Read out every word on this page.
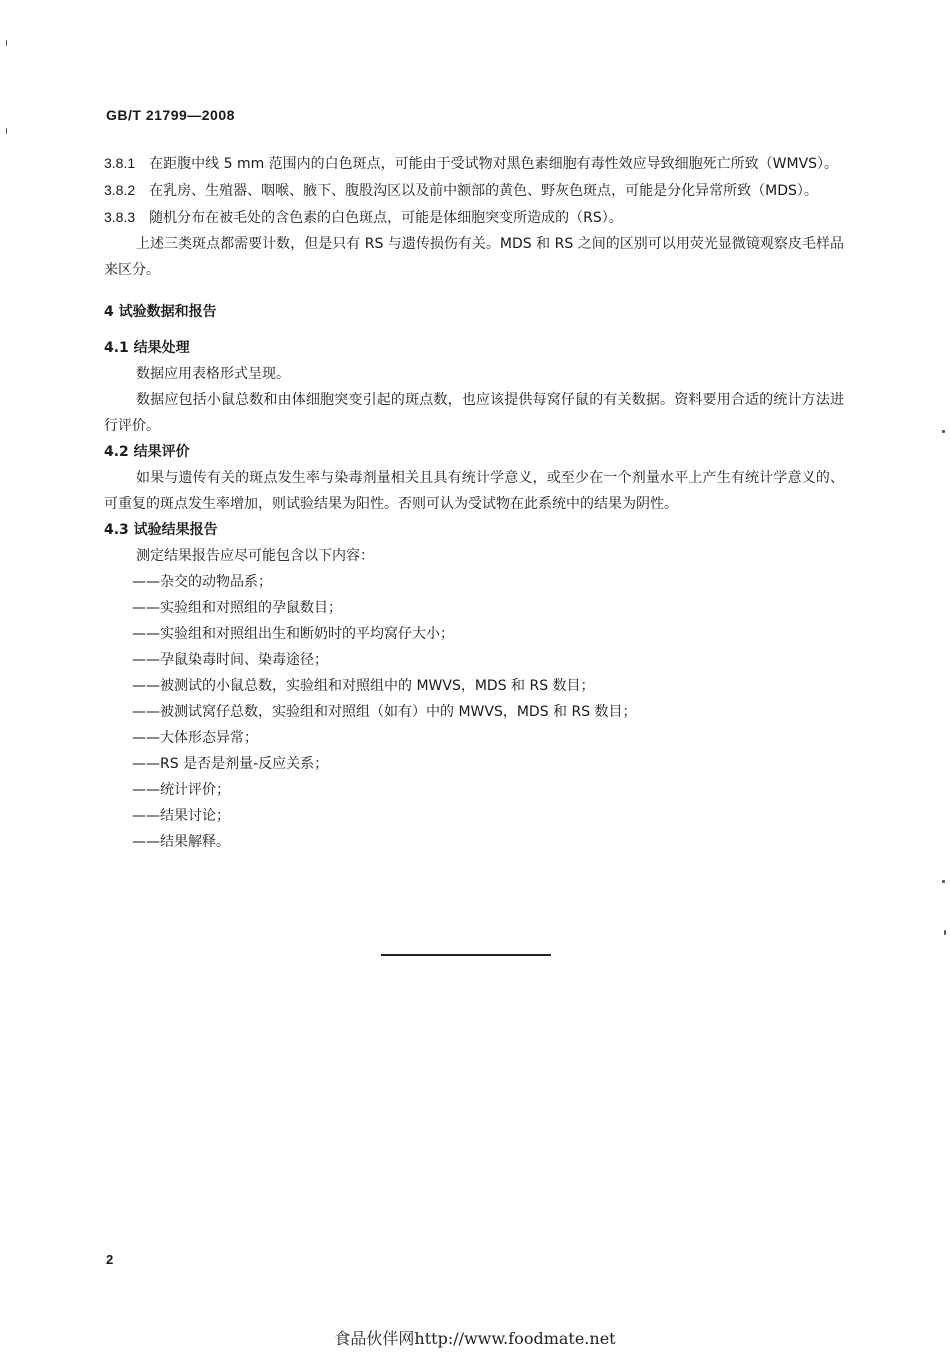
GB/T 21799—2008

3.8.1 在距腹中线 5 mm 范围内的白色斑点，可能由于受试物对黑色素细胞有毒性效应导致细胞死亡所致（WMVS）。

3.8.2 在乳房、生殖器、咽喉、腋下、腹股沟区以及前中额部的黄色、野灰色斑点，可能是分化异常所致（MDS）。

3.8.3 随机分布在被毛处的含色素的白色斑点，可能是体细胞突变所造成的（RS）。

上述三类斑点都需要计数，但是只有 RS 与遗传损伤有关。MDS 和 RS 之间的区别可以用荧光显微镜观察皮毛样品来区分。

4 试验数据和报告

4.1 结果处理

数据应用表格形式呈现。

数据应包括小鼠总数和由体细胞突变引起的斑点数，也应该提供每窝仔鼠的有关数据。资料要用合适的统计方法进行评价。

4.2 结果评价

如果与遗传有关的斑点发生率与染毒剂量相关且具有统计学意义，或至少在一个剂量水平上产生有统计学意义的、可重复的斑点发生率增加，则试验结果为阳性。否则可认为受试物在此系统中的结果为阴性。

4.3 试验结果报告

测定结果报告应尽可能包含以下内容：

——杂交的动物品系；
——实验组和对照组的孕鼠数目；
——实验组和对照组出生和断奶时的平均窝仔大小；
——孕鼠染毒时间、染毒途径；
——被测试的小鼠总数，实验组和对照组中的 MWVS，MDS 和 RS 数目；
——被测试窝仔总数，实验组和对照组（如有）中的 MWVS，MDS 和 RS 数目；
——大体形态异常；
——RS 是否是剂量-反应关系；
——统计评价；
——结果讨论；
——结果解释。
2
食品伙伴网http://www.foodmate.net
